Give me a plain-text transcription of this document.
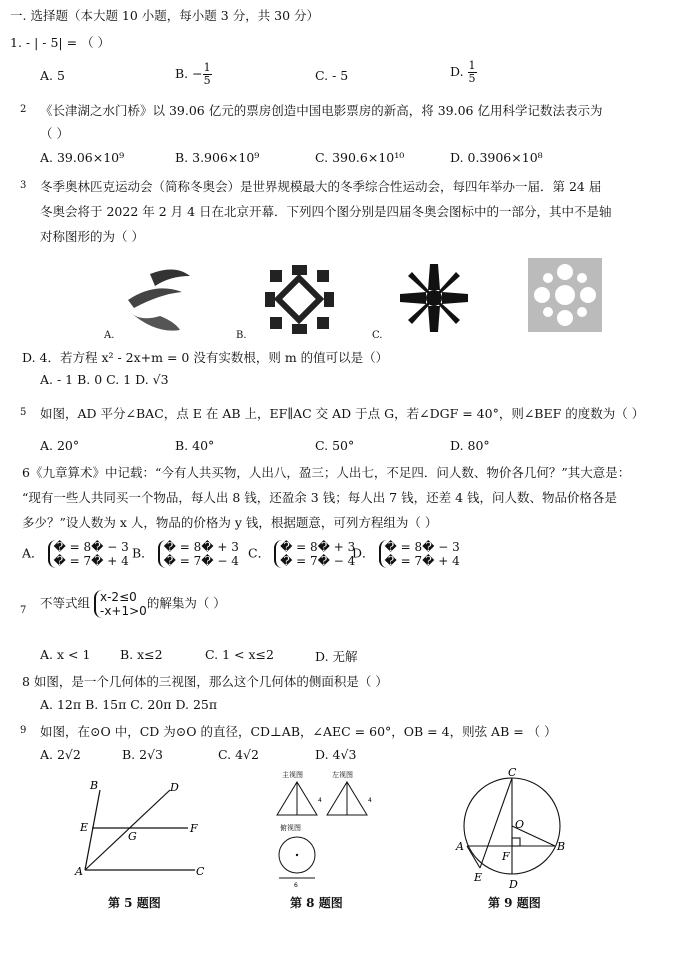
一. 选择题（本大题 10 小题，每小题 3 分，共 30 分）
1. - | - 5| = （ ）
A. 5	B. − $\frac{1}{5}$	C. - 5	D. $\frac{1}{5}$
2 《长津湖之水门桥》以 39.06 亿元的票房创造中国电影票房的新高，将 39.06 亿用科学记数法表示为
（ ）
A. 39.06×10⁹	B. 3.906×10⁹	C. 390.6×10¹⁰	D. 0.3906×10⁸
3 冬季奥林匹克运动会（简称冬奥会）是世界规模最大的冬季综合性运动会，每四年举办一届．第 24 届
冬奥会将于 2022 年 2 月 4 日在北京开幕．下列四个图分别是四届冬奥会图标中的一部分，其中不是轴
对称图形的为（ ）
A.	B.	C.
D. 4．若方程 x² - 2x+m = 0 没有实数根，则 m 的值可以是（）
A. - 1 B. 0 C. 1 D. √3
5 如图，AD 平分∠BAC，点 E 在 AB 上，EF∥AC 交 AD 于点 G，若∠DGF = 40°，则∠BEF 的度数为（ ）
A. 20°	B. 40°	C. 50°	D. 80°
6《九章算术》中记载：“今有人共买物，人出八，盈三；人出七，不足四．问人数、物价各几何？”其大意是：
“现有一些人共同买一个物品，每人出 8 钱，还盈余 3 钱；每人出 7 钱，还差 4 钱，问人数、物品价格各是
多少？”设人数为 x 人，物品的价格为 y 钱，根据题意，可列方程组为（ ）
A． � = 8� − 3
� = 7� + 4
B． � = 8� + 3
� = 7� − 4
C． � = 8� + 3
� = 7� − 4
D． � = 8� − 3
� = 7� + 4
7 不等式组 x-2≤0
-x+1>0的解集为（ ）
A. x < 1 B. x≤2	C. 1 < x≤2	D. 无解
8 如图，是一个几何体的三视图，那么这个几何体的侧面积是（ ）
A. 12π B. 15π C. 20π D. 25π
9 如图，在⊙O 中，CD 为⊙O 的直径，CD⊥AB，∠AEC = 60°，OB = 4，则弦 AB = （ ）
A. 2√2	B. 2√3	C. 4√2	D. 4√3
B	D
E
G
F
A	C
第 5 题图
主视图	左视图
4	4
俯视图
6
第 8 题图
C
O
A
F
B
E
D
第 9 题图
